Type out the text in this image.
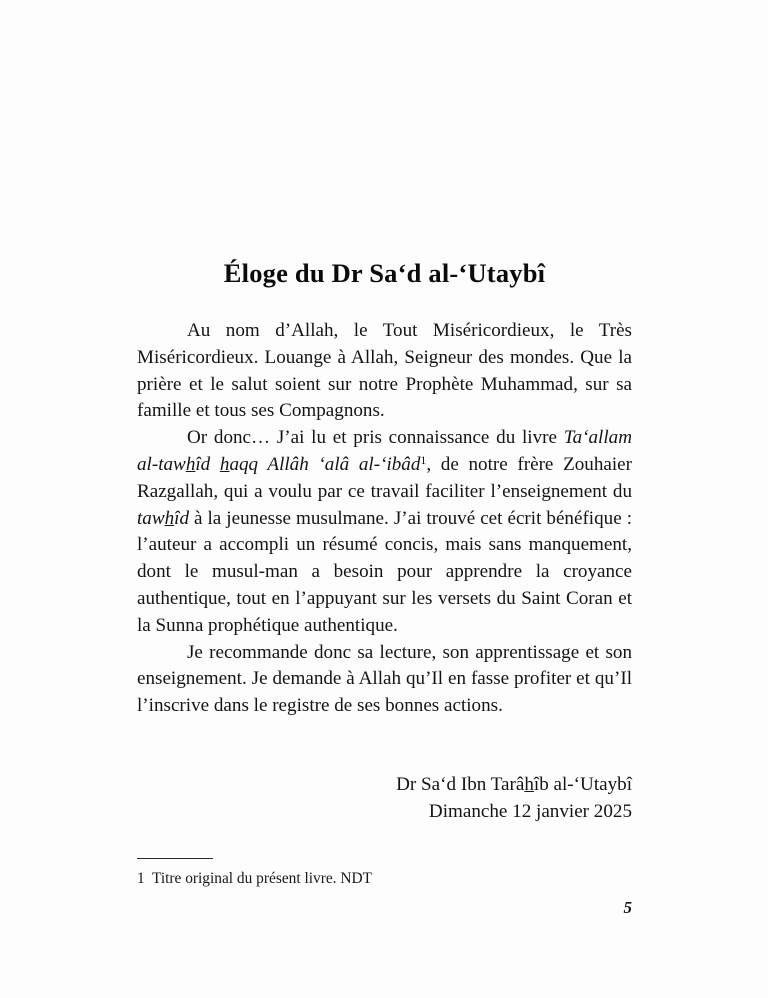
Éloge du Dr Saʻd al-ʻUtaybî

Au nom d’Allah, le Tout Miséricordieux, le Très Miséricordieux. Louange à Allah, Seigneur des mondes. Que la prière et le salut soient sur notre Prophète Muhammad, sur sa famille et tous ses Compagnons.

Or donc… J’ai lu et pris connaissance du livre Taʻallam al-tawhîd haqq Allâh ʻalâ al-ʻibâd$^1$, de notre frère Zouhaier Razgallah, qui a voulu par ce travail faciliter l’enseignement du tawhîd à la jeunesse musulmane. J’ai trouvé cet écrit bénéfique : l’auteur a accompli un résumé concis, mais sans manquement, dont le musul-man a besoin pour apprendre la croyance authentique, tout en l’appuyant sur les versets du Saint Coran et la Sunna prophétique authentique.

Je recommande donc sa lecture, son apprentissage et son enseignement. Je demande à Allah qu’Il en fasse profiter et qu’Il l’inscrive dans le registre de ses bonnes actions.

Dr Saʻd Ibn Tarâhîb al-ʻUtaybî
Dimanche 12 janvier 2025
1 Titre original du présent livre. NDT
5
